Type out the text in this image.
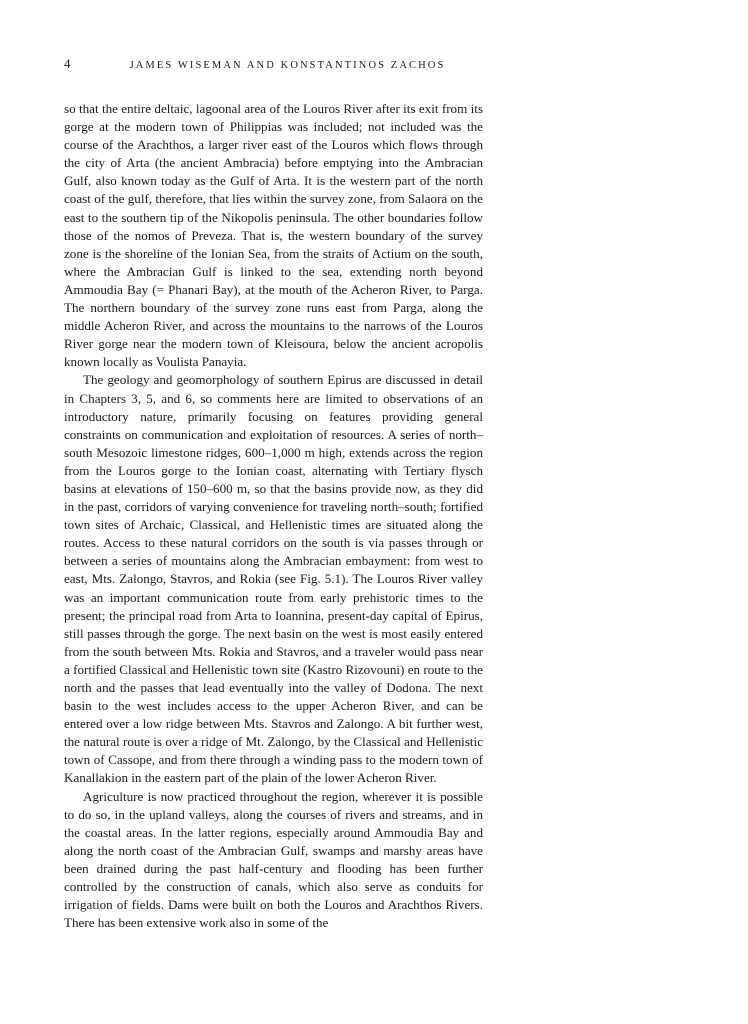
4	JAMES WISEMAN AND KONSTANTINOS ZACHOS

so that the entire deltaic, lagoonal area of the Louros River after its exit from its gorge at the modern town of Philippias was included; not included was the course of the Arachthos, a larger river east of the Louros which flows through the city of Arta (the ancient Ambracia) before emptying into the Ambracian Gulf, also known today as the Gulf of Arta. It is the western part of the north coast of the gulf, therefore, that lies within the survey zone, from Salaora on the east to the southern tip of the Nikopolis peninsula. The other boundaries follow those of the nomos of Preveza. That is, the western boundary of the survey zone is the shoreline of the Ionian Sea, from the straits of Actium on the south, where the Ambracian Gulf is linked to the sea, extending north beyond Ammoudia Bay (= Phanari Bay), at the mouth of the Acheron River, to Parga. The northern boundary of the survey zone runs east from Parga, along the middle Acheron River, and across the mountains to the narrows of the Louros River gorge near the modern town of Kleisoura, below the ancient acropolis known locally as Voulista Panayia.

The geology and geomorphology of southern Epirus are discussed in detail in Chapters 3, 5, and 6, so comments here are limited to observations of an introductory nature, primarily focusing on features providing general constraints on communication and exploitation of resources. A series of north–south Mesozoic limestone ridges, 600–1,000 m high, extends across the region from the Louros gorge to the Ionian coast, alternating with Tertiary flysch basins at elevations of 150–600 m, so that the basins provide now, as they did in the past, corridors of varying convenience for traveling north–south; fortified town sites of Archaic, Classical, and Hellenistic times are situated along the routes. Access to these natural corridors on the south is via passes through or between a series of mountains along the Ambracian embayment: from west to east, Mts. Zalongo, Stavros, and Rokia (see Fig. 5.1). The Louros River valley was an important communication route from early prehistoric times to the present; the principal road from Arta to Ioannina, present-day capital of Epirus, still passes through the gorge. The next basin on the west is most easily entered from the south between Mts. Rokia and Stavros, and a traveler would pass near a fortified Classical and Hellenistic town site (Kastro Rizovouni) en route to the north and the passes that lead eventually into the valley of Dodona. The next basin to the west includes access to the upper Acheron River, and can be entered over a low ridge between Mts. Stavros and Zalongo. A bit further west, the natural route is over a ridge of Mt. Zalongo, by the Classical and Hellenistic town of Cassope, and from there through a winding pass to the modern town of Kanallakion in the eastern part of the plain of the lower Acheron River.

Agriculture is now practiced throughout the region, wherever it is possible to do so, in the upland valleys, along the courses of rivers and streams, and in the coastal areas. In the latter regions, especially around Ammoudia Bay and along the north coast of the Ambracian Gulf, swamps and marshy areas have been drained during the past half-century and flooding has been further controlled by the construction of canals, which also serve as conduits for irrigation of fields. Dams were built on both the Louros and Arachthos Rivers. There has been extensive work also in some of the
